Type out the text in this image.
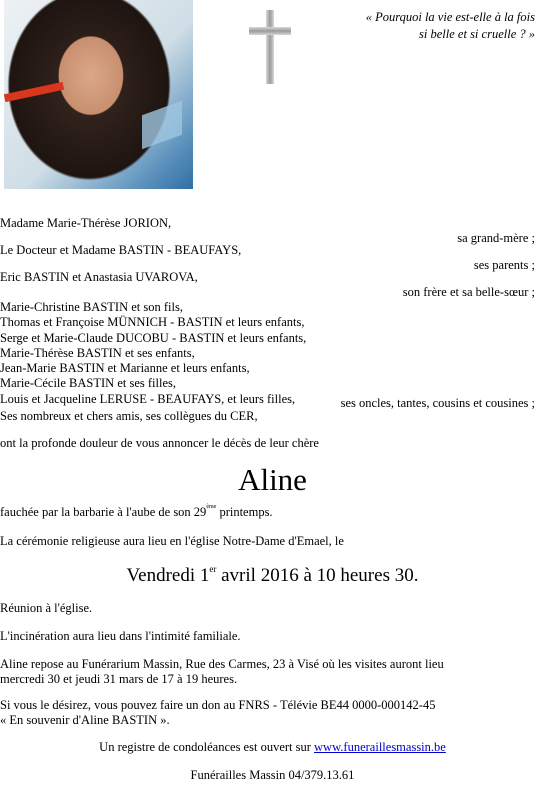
« Pourquoi la vie est-elle à la fois
si belle et si cruelle ? »
Madame Marie-Thérèse JORION,
sa grand-mère ;
Le Docteur et Madame BASTIN - BEAUFAYS,
ses parents ;
Eric BASTIN et Anastasia UVAROVA,
son frère et sa belle-sœur ;
Marie-Christine BASTIN et son fils,
Thomas et Françoise MÜNNICH - BASTIN et leurs enfants,
Serge et Marie-Claude DUCOBU - BASTIN et leurs enfants,
Marie-Thérèse BASTIN et ses enfants,
Jean-Marie BASTIN et Marianne et leurs enfants,
Marie-Cécile BASTIN et ses filles,
Louis et Jacqueline LERUSE - BEAUFAYS, et leurs filles,	ses oncles, tantes, cousins et cousines ;
Ses nombreux et chers amis, ses collègues du CER,
ont la profonde douleur de vous annoncer le décès de leur chère
Aline
fauchée par la barbarie à l'aube de son 29ème printemps.
La cérémonie religieuse aura lieu en l'église Notre-Dame d'Emael, le
Vendredi 1er avril 2016 à 10 heures 30.
Réunion à l'église.
L'incinération aura lieu dans l'intimité familiale.
Aline repose au Funérarium Massin, Rue des Carmes, 23 à Visé où les visites auront lieu
mercredi 30 et jeudi 31 mars de 17 à 19 heures.
Si vous le désirez, vous pouvez faire un don au FNRS - Télévie BE44 0000-000142-45
« En souvenir d'Aline BASTIN ».
Un registre de condoléances est ouvert sur www.funeraillesmassin.be
Funérailles Massin 04/379.13.61
